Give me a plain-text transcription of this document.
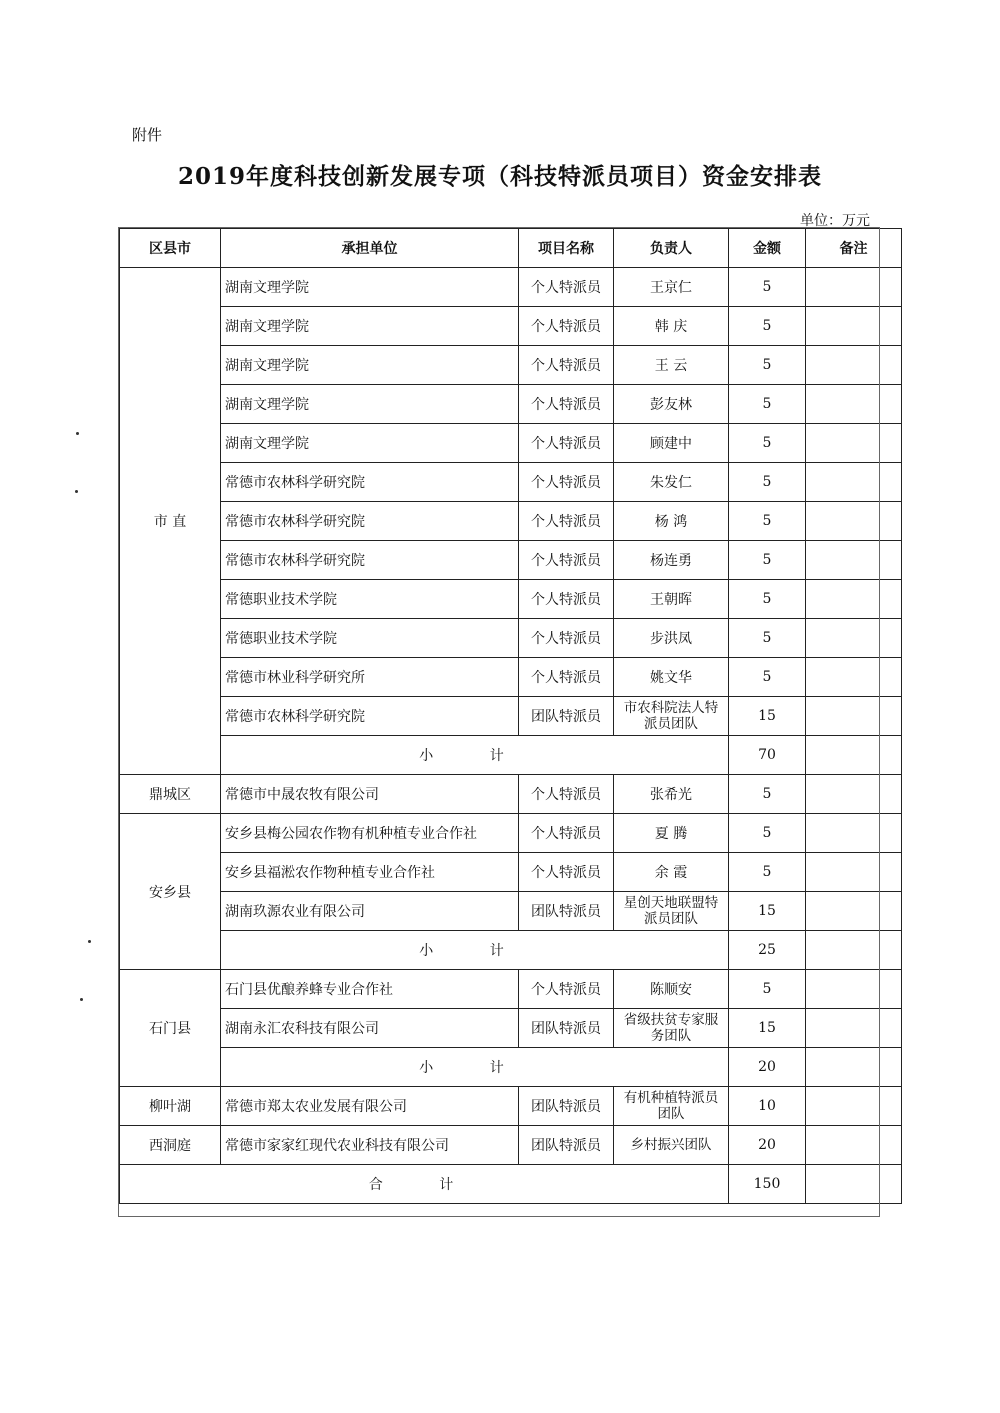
附件
2019年度科技创新发展专项（科技特派员项目）资金安排表
单位：万元
区县市	承担单位	项目名称	负责人	金额	备注
市 直	湖南文理学院	个人特派员	王京仁	5	
	湖南文理学院	个人特派员	韩 庆	5	
	湖南文理学院	个人特派员	王 云	5	
	湖南文理学院	个人特派员	彭友林	5	
	湖南文理学院	个人特派员	顾建中	5	
	常德市农林科学研究院	个人特派员	朱发仁	5	
	常德市农林科学研究院	个人特派员	杨 鸿	5	
	常德市农林科学研究院	个人特派员	杨连勇	5	
	常德职业技术学院	个人特派员	王朝晖	5	
	常德职业技术学院	个人特派员	步洪凤	5	
	常德市林业科学研究所	个人特派员	姚文华	5	
	常德市农林科学研究院	团队特派员	市农科院法人特派员团队	15	
	小 计			70	
鼎城区	常德市中晟农牧有限公司	个人特派员	张希光	5	
安乡县	安乡县梅公园农作物有机种植专业合作社	个人特派员	夏 腾	5	
	安乡县福淞农作物种植专业合作社	个人特派员	余 霞	5	
	湖南玖源农业有限公司	团队特派员	星创天地联盟特派员团队	15	
	小 计			25	
石门县	石门县优酿养蜂专业合作社	个人特派员	陈顺安	5	
	湖南永汇农科技有限公司	团队特派员	省级扶贫专家服务团队	15	
	小 计			20	
柳叶湖	常德市郑太农业发展有限公司	团队特派员	有机种植特派员团队	10	
西洞庭	常德市家家红现代农业科技有限公司	团队特派员	乡村振兴团队	20	
合 计				150	
